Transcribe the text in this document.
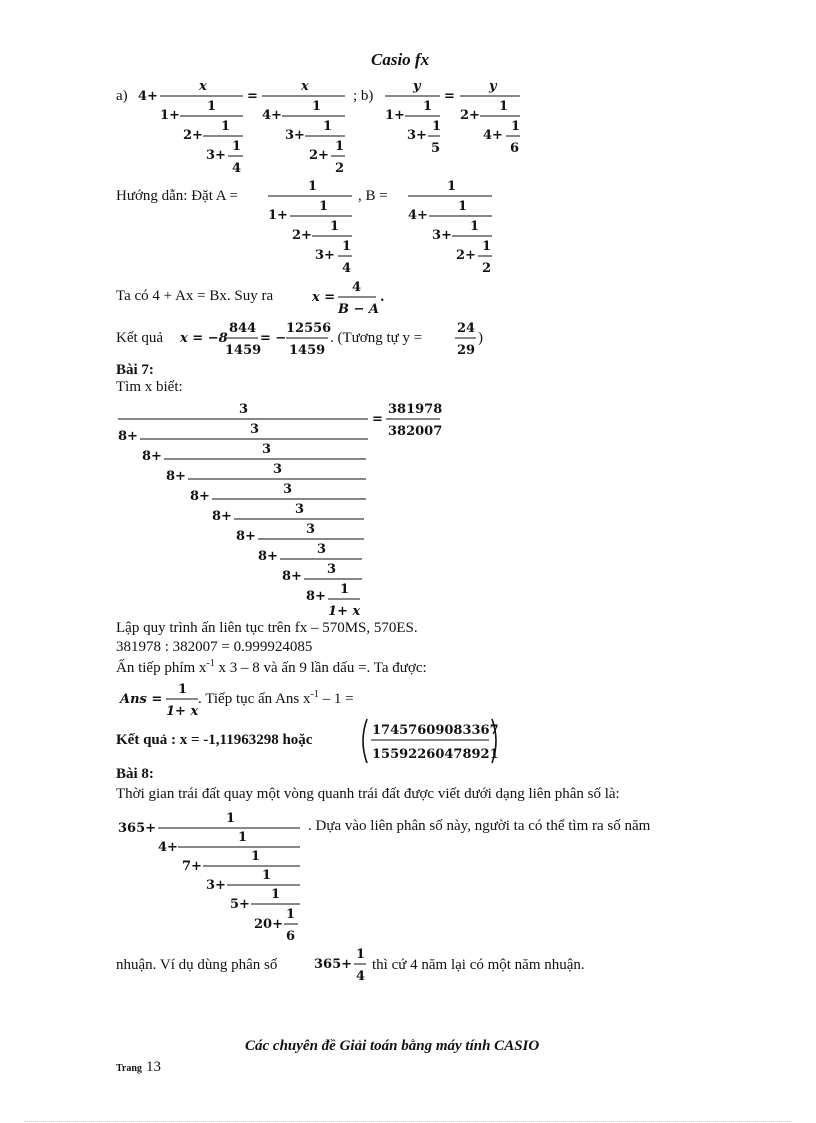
Casio fx
a) 4+
x
1+
1
2+
1
3+
1
4
=
x
4+
1
3+
1
2+
1
2
y
1+
1
3+
1
5
=
y
2+
1
4+
1
6
; b)
Hướng dẫn: Đặt A =	, B =
1
1+
1
2+
1
3+
1
4
1
4+
1
3+
1
2+
1
2
Ta có 4 + Ax = Bx. Suy ra	x =
4
B − A
.
Kết quả x = −8
844
1459
= −
12556
1459
24
29
. (Tương tự y =	)
Bài 7:
Tìm x biết:
3
=
381978
382007
8+	3
8+	3
8+	3
8+	3
8+	3
8+	3
8+	3
8+ 3
8+ 1
1+ x
Lập quy trình ấn liên tục trên fx – 570MS, 570ES.
381978 : 382007 = 0.999924085
Ấn tiếp phím $x^{-1}$ x 3 – 8 và ấn 9 lần dấu =. Ta được:
Ans =
1
1+ x
. Tiếp tục ấn Ans $x^{-1} - 1$ =
Kết quả : x = -1,11963298 hoặc
17457609083367
15592260478921
Bài 8:
Thời gian trái đất quay một vòng quanh trái đất được viết dưới dạng liên phân số là:
365+
1
4+
1
7+
1
3+
1
5+
1
20+
1
6
. Dựa vào liên phân số này, người ta có thể tìm ra số năm
nhuận. Ví dụ dùng phân số	365+
1
4
thì cứ 4 năm lại có một năm nhuận.
Các chuyên đề Giải toán bằng máy tính CASIO
Trang 13
